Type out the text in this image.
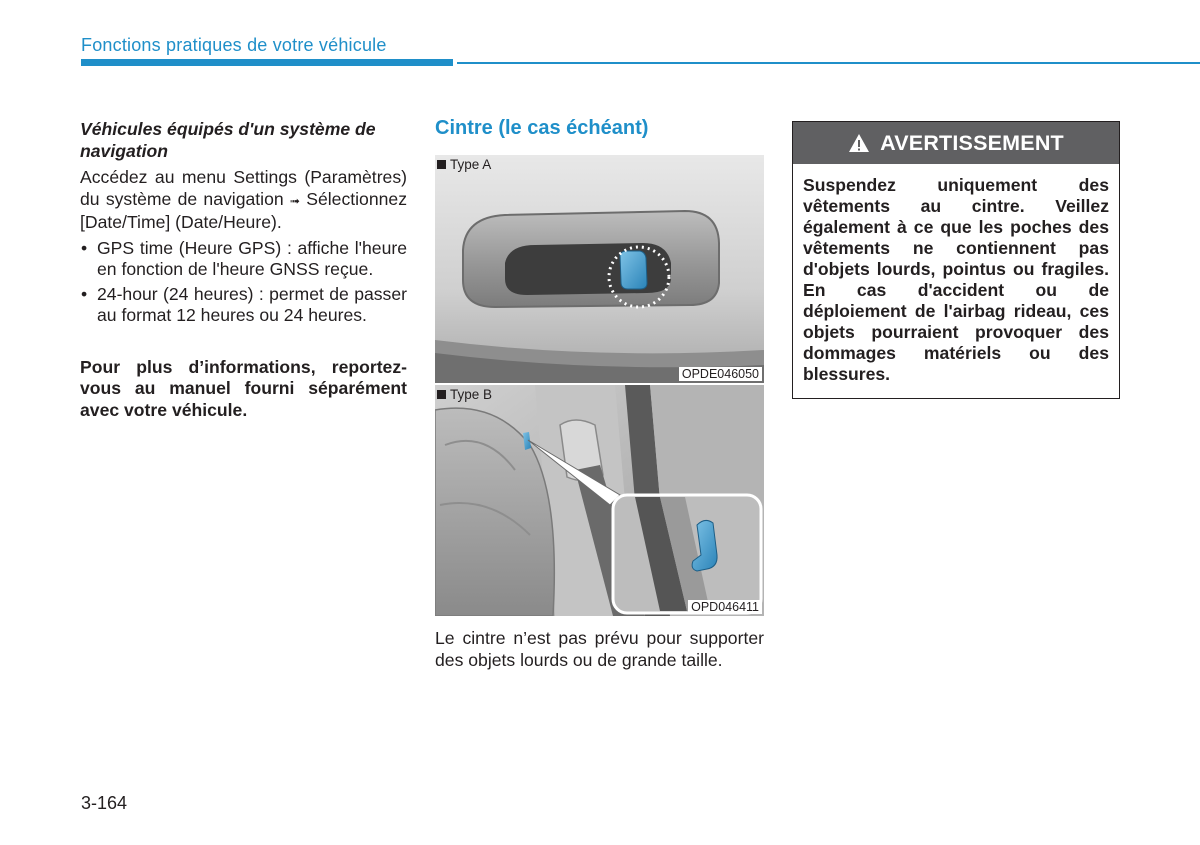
Fonctions pratiques de votre véhicule
Véhicules équipés d'un système de navigation
Accédez au menu Settings (Paramètres) du système de navigation ➟ Sélectionnez [Date/Time] (Date/Heure).
• GPS time (Heure GPS) : affiche l'heure en fonction de l'heure GNSS reçue.
• 24-hour (24 heures) : permet de passer au format 12 heures ou 24 heures.
Pour plus d’informations, reportez-vous au manuel fourni séparément avec votre véhicule.
Cintre (le cas échéant)
Type A
OPDE046050
Type B
OPD046411
Le cintre n’est pas prévu pour supporter des objets lourds ou de grande taille.
AVERTISSEMENT
Suspendez uniquement des vêtements au cintre. Veillez également à ce que les poches des vêtements ne contiennent pas d'objets lourds, pointus ou fragiles. En cas d'accident ou de déploiement de l'airbag rideau, ces objets pourraient provoquer des dommages matériels ou des blessures.
3-164
